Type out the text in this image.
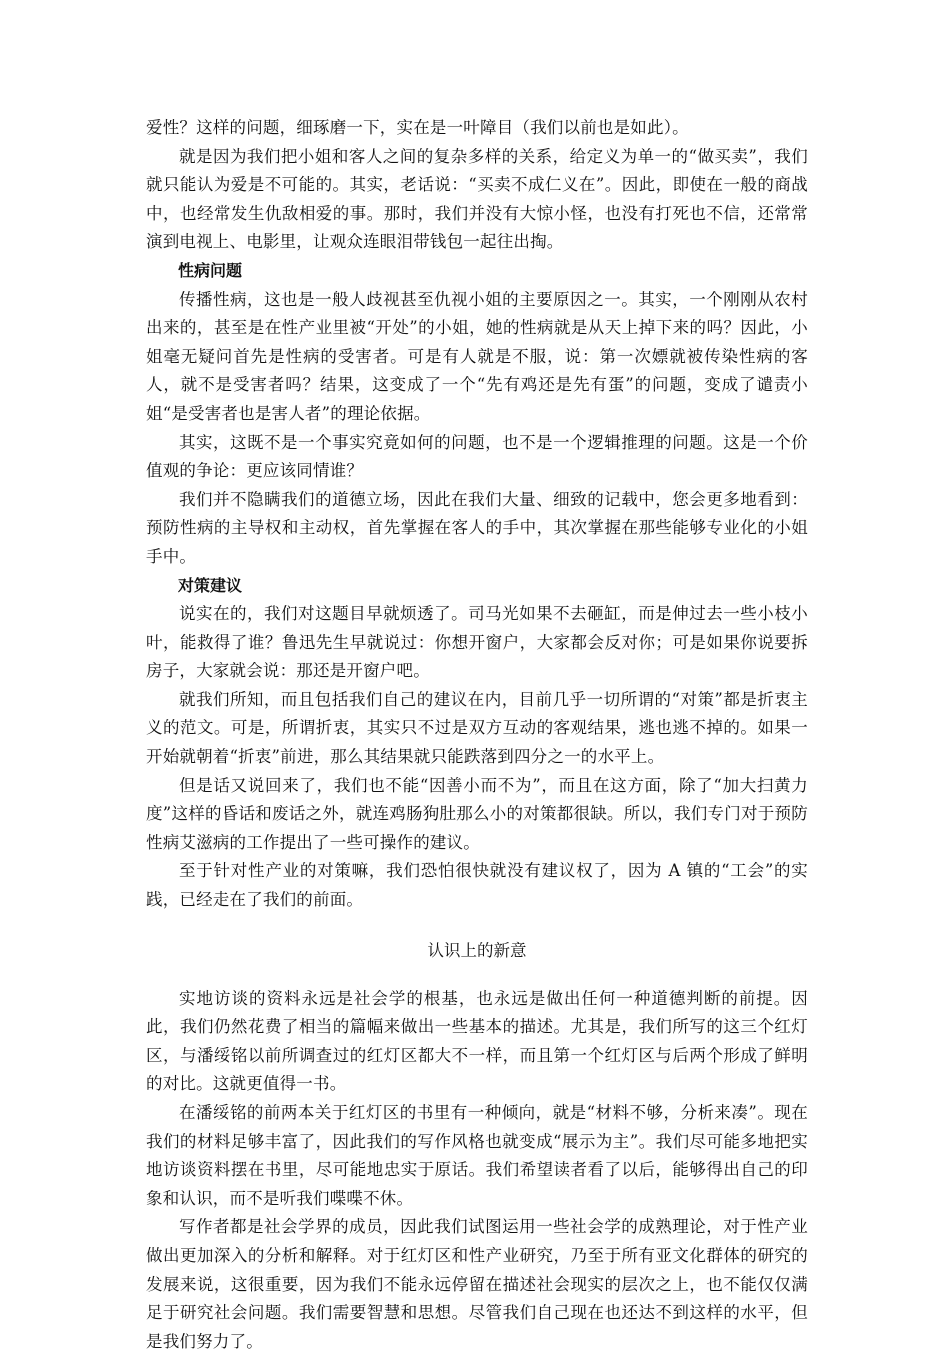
爱性？这样的问题，细琢磨一下，实在是一叶障目（我们以前也是如此）。

就是因为我们把小姐和客人之间的复杂多样的关系，给定义为单一的“做买卖”，我们就只能认为爱是不可能的。其实，老话说：“买卖不成仁义在”。因此，即使在一般的商战中，也经常发生仇敌相爱的事。那时，我们并没有大惊小怪，也没有打死也不信，还常常演到电视上、电影里，让观众连眼泪带钱包一起往出掏。

性病问题

传播性病，这也是一般人歧视甚至仇视小姐的主要原因之一。其实，一个刚刚从农村出来的，甚至是在性产业里被“开处”的小姐，她的性病就是从天上掉下来的吗？因此，小姐毫无疑问首先是性病的受害者。可是有人就是不服，说：第一次嫖就被传染性病的客人，就不是受害者吗？结果，这变成了一个“先有鸡还是先有蛋”的问题，变成了谴责小姐“是受害者也是害人者”的理论依据。

其实，这既不是一个事实究竟如何的问题，也不是一个逻辑推理的问题。这是一个价值观的争论：更应该同情谁？

我们并不隐瞒我们的道德立场，因此在我们大量、细致的记载中，您会更多地看到：预防性病的主导权和主动权，首先掌握在客人的手中，其次掌握在那些能够专业化的小姐手中。

对策建议

说实在的，我们对这题目早就烦透了。司马光如果不去砸缸，而是伸过去一些小枝小叶，能救得了谁？鲁迅先生早就说过：你想开窗户，大家都会反对你；可是如果你说要拆房子，大家就会说：那还是开窗户吧。

就我们所知，而且包括我们自己的建议在内，目前几乎一切所谓的“对策”都是折衷主义的范文。可是，所谓折衷，其实只不过是双方互动的客观结果，逃也逃不掉的。如果一开始就朝着“折衷”前进，那么其结果就只能跌落到四分之一的水平上。

但是话又说回来了，我们也不能“因善小而不为”，而且在这方面，除了“加大扫黄力度”这样的昏话和废话之外，就连鸡肠狗肚那么小的对策都很缺。所以，我们专门对于预防性病艾滋病的工作提出了一些可操作的建议。

至于针对性产业的对策嘛，我们恐怕很快就没有建议权了，因为 A 镇的“工会”的实践，已经走在了我们的前面。

认识上的新意

实地访谈的资料永远是社会学的根基，也永远是做出任何一种道德判断的前提。因此，我们仍然花费了相当的篇幅来做出一些基本的描述。尤其是，我们所写的这三个红灯区，与潘绥铭以前所调查过的红灯区都大不一样，而且第一个红灯区与后两个形成了鲜明的对比。这就更值得一书。

在潘绥铭的前两本关于红灯区的书里有一种倾向，就是“材料不够，分析来凑”。现在我们的材料足够丰富了，因此我们的写作风格也就变成“展示为主”。我们尽可能多地把实地访谈资料摆在书里，尽可能地忠实于原话。我们希望读者看了以后，能够得出自己的印象和认识，而不是听我们喋喋不休。

写作者都是社会学界的成员，因此我们试图运用一些社会学的成熟理论，对于性产业做出更加深入的分析和解释。对于红灯区和性产业研究，乃至于所有亚文化群体的研究的发展来说，这很重要，因为我们不能永远停留在描述社会现实的层次之上，也不能仅仅满足于研究社会问题。我们需要智慧和思想。尽管我们自己现在也还达不到这样的水平，但是我们努力了。
